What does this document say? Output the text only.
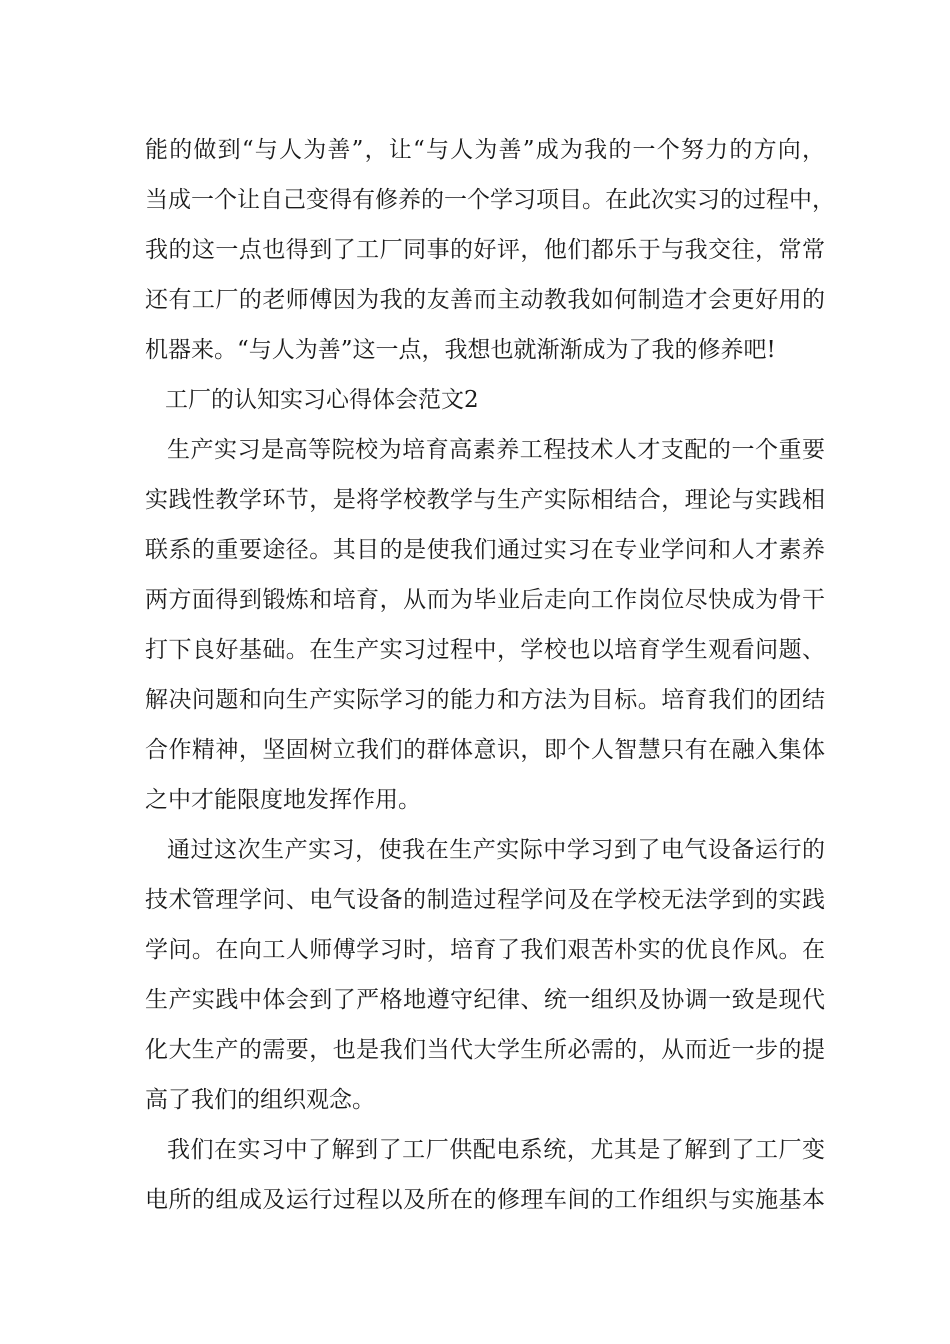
能的做到“与人为善”，让“与人为善”成为我的一个努力的方向，
当成一个让自己变得有修养的一个学习项目。在此次实习的过程中，
我的这一点也得到了工厂同事的好评，他们都乐于与我交往，常常
还有工厂的老师傅因为我的友善而主动教我如何制造才会更好用的
机器来。“与人为善”这一点，我想也就渐渐成为了我的修养吧!
工厂的认知实习心得体会范文2
生产实习是高等院校为培育高素养工程技术人才支配的一个重要
实践性教学环节，是将学校教学与生产实际相结合，理论与实践相
联系的重要途径。其目的是使我们通过实习在专业学问和人才素养
两方面得到锻炼和培育，从而为毕业后走向工作岗位尽快成为骨干
打下良好基础。在生产实习过程中，学校也以培育学生观看问题、
解决问题和向生产实际学习的能力和方法为目标。培育我们的团结
合作精神，坚固树立我们的群体意识，即个人智慧只有在融入集体
之中才能限度地发挥作用。
通过这次生产实习，使我在生产实际中学习到了电气设备运行的
技术管理学问、电气设备的制造过程学问及在学校无法学到的实践
学问。在向工人师傅学习时，培育了我们艰苦朴实的优良作风。在
生产实践中体会到了严格地遵守纪律、统一组织及协调一致是现代
化大生产的需要，也是我们当代大学生所必需的，从而近一步的提
高了我们的组织观念。
我们在实习中了解到了工厂供配电系统，尤其是了解到了工厂变
电所的组成及运行过程以及所在的修理车间的工作组织与实施基本
